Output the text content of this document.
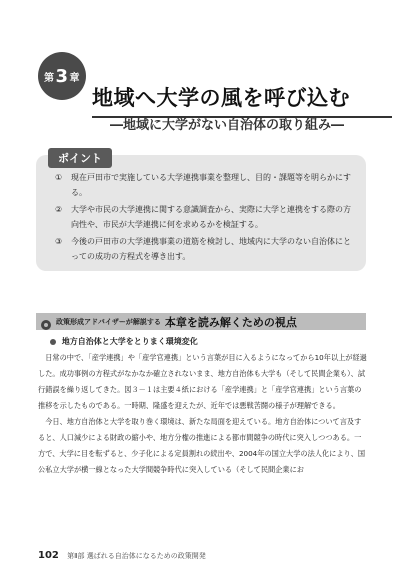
第 3 章
地域へ大学の風を呼び込む
―地域に大学がない自治体の取り組み―
ポイント
①	現在戸田市で実施している大学連携事業を整理し、目的・課題等を明らかにする。
②	大学や市民の大学連携に関する意識調査から、実際に大学と連携をする際の方向性や、市民が大学連携に何を求めるかを検証する。
③	今後の戸田市の大学連携事業の道筋を検討し、地域内に大学のない自治体にとっての成功の方程式を導き出す。
政策形成アドバイザーが解説する 本章を読み解くための視点
地方自治体と大学をとりまく環境変化

日常の中で、「産学連携」や「産学官連携」という言葉が目に入るようになってから10年以上が経過した。成功事例の方程式がなかなか確立されないまま、地方自治体も大学も（そして民間企業も）、試行錯誤を繰り返してきた。図３－１は主要４紙における「産学連携」と「産学官連携」という言葉の推移を示したものである。一時期、隆盛を迎えたが、近年では悪戦苦闘の様子が理解できる。

今日、地方自治体と大学を取り巻く環境は、新たな局面を迎えている。地方自治体について言及すると、人口減少による財政の縮小や、地方分権の推進による都市間競争の時代に突入しつつある。一方で、大学に目を転ずると、少子化による定員割れの続出や、2004年の国立大学の法人化により、国公私立大学が横一線となった大学間競争時代に突入している（そして民間企業にお

102 第Ⅱ部 選ばれる自治体になるための政策開発
